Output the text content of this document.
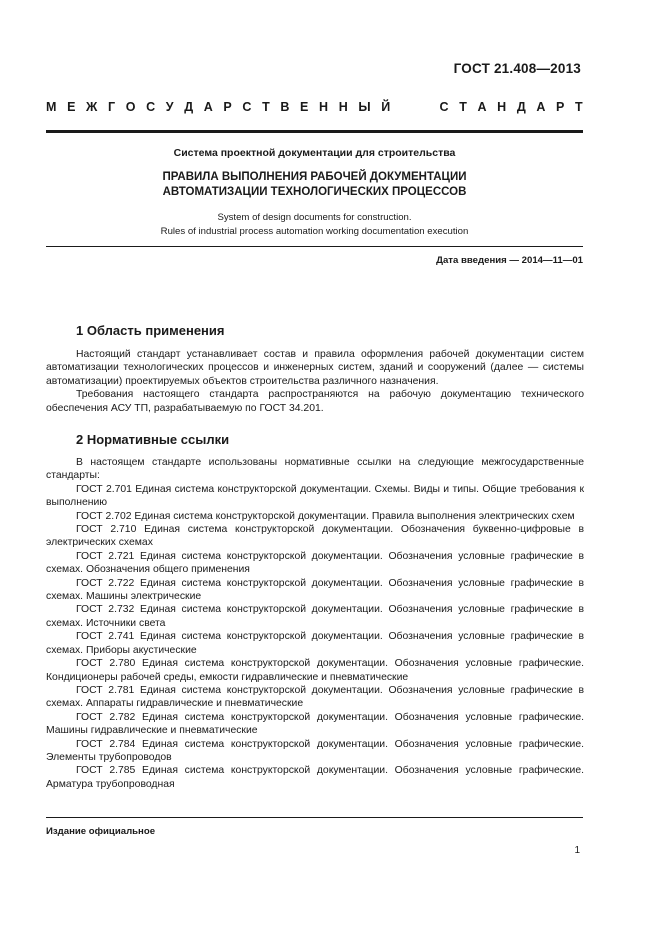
ГОСТ 21.408—2013
М Е Ж Г О С У Д А Р С Т В Е Н Н Ы Й	С Т А Н Д А Р Т
Система проектной документации для строительства
ПРАВИЛА ВЫПОЛНЕНИЯ РАБОЧЕЙ ДОКУМЕНТАЦИИ
АВТОМАТИЗАЦИИ ТЕХНОЛОГИЧЕСКИХ ПРОЦЕССОВ
System of design documents for construction.
Rules of industrial process automation working documentation execution
Дата введения — 2014—11—01
1 Область применения

Настоящий стандарт устанавливает состав и правила оформления рабочей документации систем автоматизации технологических процессов и инженерных систем, зданий и сооружений (далее — системы автоматизации) проектируемых объектов строительства различного назначения.

Требования настоящего стандарта распространяются на рабочую документацию технического обеспечения АСУ ТП, разрабатываемую по ГОСТ 34.201.

2 Нормативные ссылки

В настоящем стандарте использованы нормативные ссылки на следующие межгосударственные стандарты:

ГОСТ 2.701 Единая система конструкторской документации. Схемы. Виды и типы. Общие требования к выполнению

ГОСТ 2.702 Единая система конструкторской документации. Правила выполнения электрических схем

ГОСТ 2.710 Единая система конструкторской документации. Обозначения буквенно-цифровые в электрических схемах

ГОСТ 2.721 Единая система конструкторской документации. Обозначения условные графические в схемах. Обозначения общего применения

ГОСТ 2.722 Единая система конструкторской документации. Обозначения условные графические в схемах. Машины электрические

ГОСТ 2.732 Единая система конструкторской документации. Обозначения условные графические в схемах. Источники света

ГОСТ 2.741 Единая система конструкторской документации. Обозначения условные графические в схемах. Приборы акустические

ГОСТ 2.780 Единая система конструкторской документации. Обозначения условные графические. Кондиционеры рабочей среды, емкости гидравлические и пневматические

ГОСТ 2.781 Единая система конструкторской документации. Обозначения условные графические в схемах. Аппараты гидравлические и пневматические

ГОСТ 2.782 Единая система конструкторской документации. Обозначения условные графические. Машины гидравлические и пневматические

ГОСТ 2.784 Единая система конструкторской документации. Обозначения условные графические. Элементы трубопроводов

ГОСТ 2.785 Единая система конструкторской документации. Обозначения условные графические. Арматура трубопроводная

Издание официальное
1
